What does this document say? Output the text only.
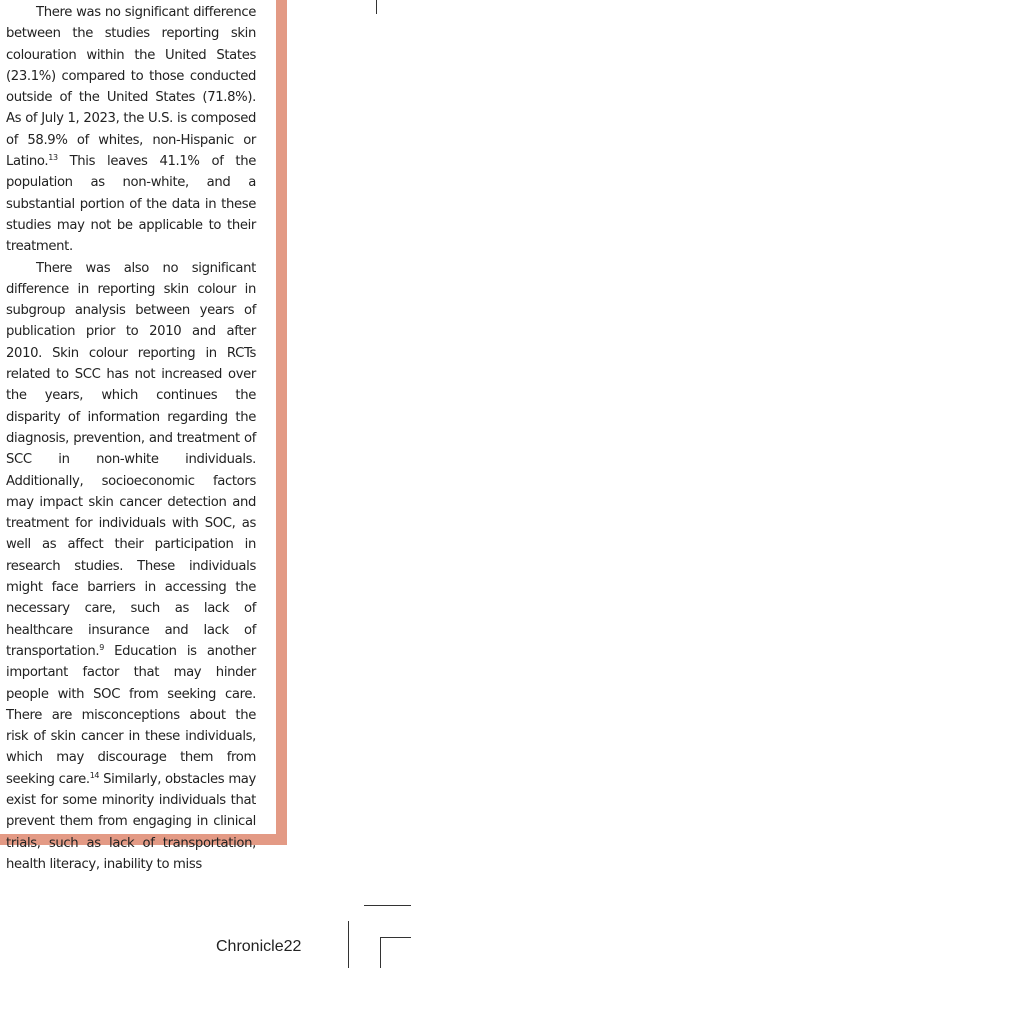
There was no significant difference between the studies reporting skin colouration within the United States (23.1%) compared to those conducted outside of the United States (71.8%). As of July 1, 2023, the U.S. is composed of 58.9% of whites, non-Hispanic or Latino.$^{13}$ This leaves 41.1% of the population as non-white, and a substantial portion of the data in these studies may not be applicable to their treatment.

There was also no significant difference in reporting skin colour in subgroup analysis between years of publication prior to 2010 and after 2010. Skin colour reporting in RCTs related to SCC has not increased over the years, which continues the disparity of information regarding the diagnosis, prevention, and treatment of SCC in non-white individuals. Additionally, socioeconomic factors may impact skin cancer detection and treatment for individuals with SOC, as well as affect their participation in research studies. These individuals might face barriers in accessing the necessary care, such as lack of healthcare insurance and lack of transportation.$^9$ Education is another important factor that may hinder people with SOC from seeking care. There are misconceptions about the risk of skin cancer in these individuals, which may discourage them from seeking care.$^{14}$ Similarly, obstacles may exist for some minority individuals that prevent them from engaging in clinical trials, such as lack of transportation, health literacy, inability to miss

Chronicle22
